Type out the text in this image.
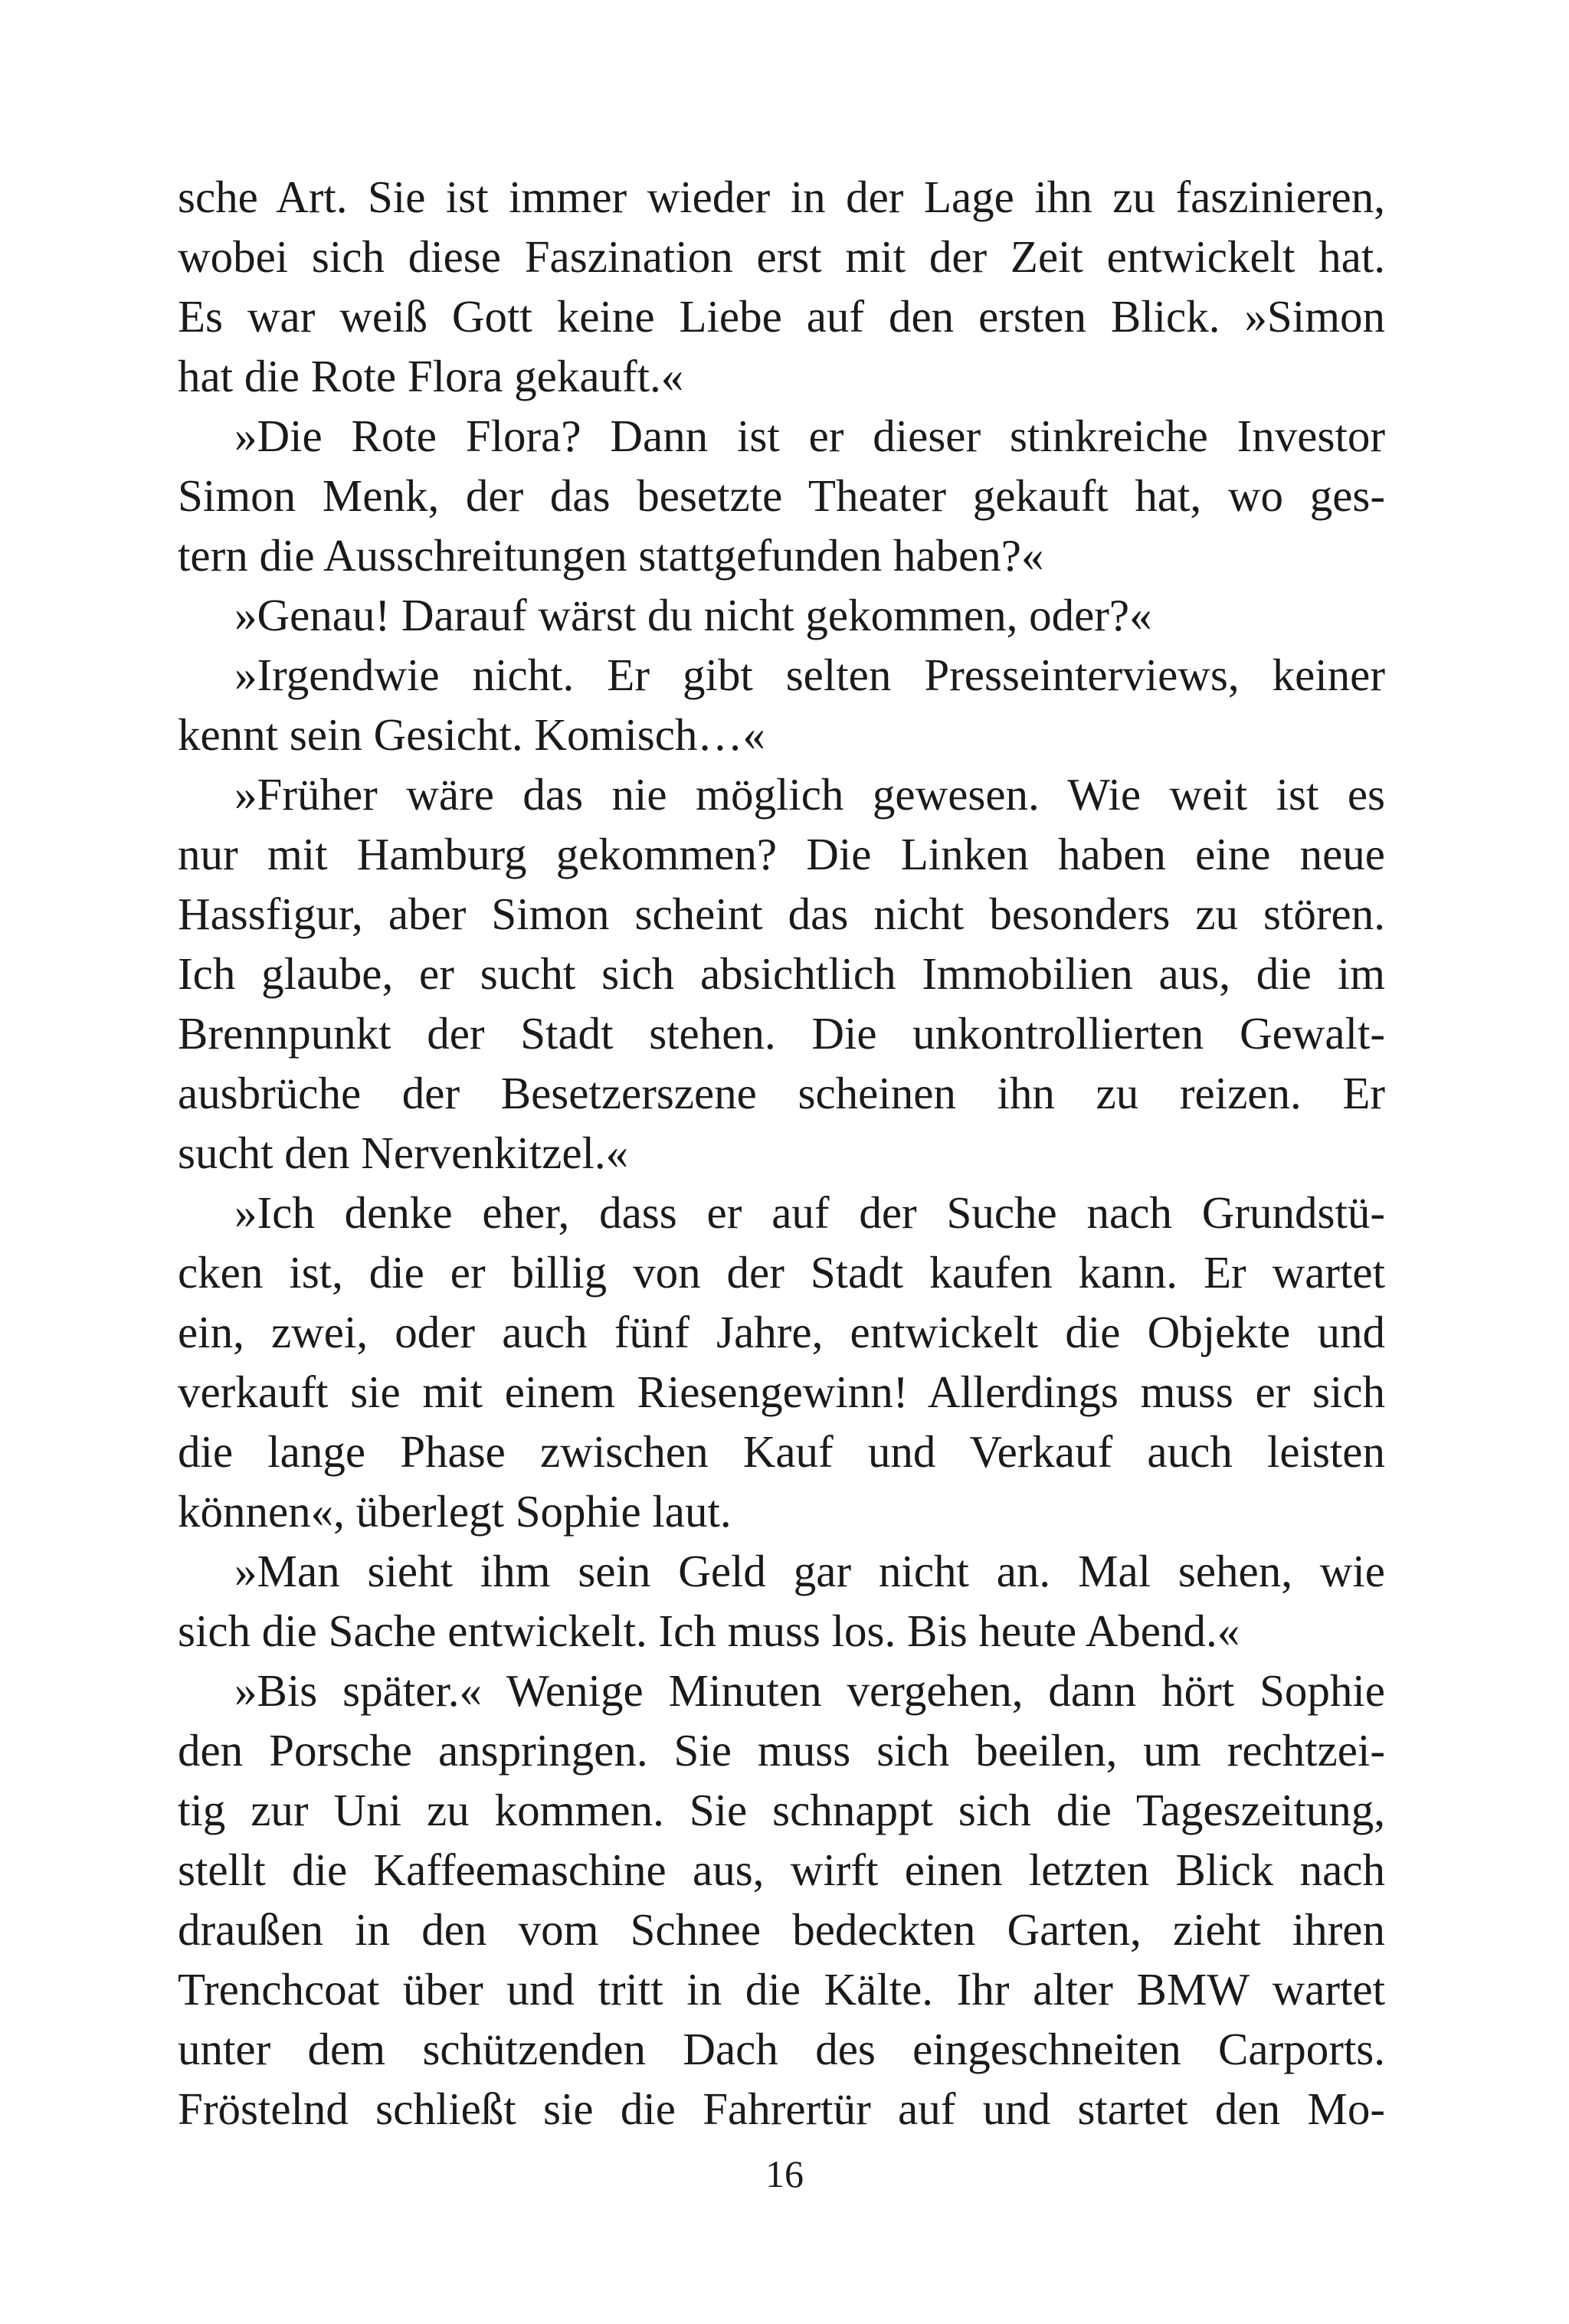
sche Art. Sie ist immer wieder in der Lage ihn zu faszinieren,
wobei sich diese Faszination erst mit der Zeit entwickelt hat.
Es war weiß Gott keine Liebe auf den ersten Blick. »Simon
hat die Rote Flora gekauft.«
»Die Rote Flora? Dann ist er dieser stinkreiche Investor
Simon Menk, der das besetzte Theater gekauft hat, wo ges-
tern die Ausschreitungen stattgefunden haben?«
»Genau! Darauf wärst du nicht gekommen, oder?«
»Irgendwie nicht. Er gibt selten Presseinterviews, keiner
kennt sein Gesicht. Komisch…«
»Früher wäre das nie möglich gewesen. Wie weit ist es
nur mit Hamburg gekommen? Die Linken haben eine neue
Hassfigur, aber Simon scheint das nicht besonders zu stören.
Ich glaube, er sucht sich absichtlich Immobilien aus, die im
Brennpunkt der Stadt stehen. Die unkontrollierten Gewalt-
ausbrüche der Besetzerszene scheinen ihn zu reizen. Er
sucht den Nervenkitzel.«
»Ich denke eher, dass er auf der Suche nach Grundstü-
cken ist, die er billig von der Stadt kaufen kann. Er wartet
ein, zwei, oder auch fünf Jahre, entwickelt die Objekte und
verkauft sie mit einem Riesengewinn! Allerdings muss er sich
die lange Phase zwischen Kauf und Verkauf auch leisten
können«, überlegt Sophie laut.
»Man sieht ihm sein Geld gar nicht an. Mal sehen, wie
sich die Sache entwickelt. Ich muss los. Bis heute Abend.«
»Bis später.« Wenige Minuten vergehen, dann hört Sophie
den Porsche anspringen. Sie muss sich beeilen, um rechtzei-
tig zur Uni zu kommen. Sie schnappt sich die Tageszeitung,
stellt die Kaffeemaschine aus, wirft einen letzten Blick nach
draußen in den vom Schnee bedeckten Garten, zieht ihren
Trenchcoat über und tritt in die Kälte. Ihr alter BMW wartet
unter dem schützenden Dach des eingeschneiten Carports.
Fröstelnd schließt sie die Fahrertür auf und startet den Mo-
16
